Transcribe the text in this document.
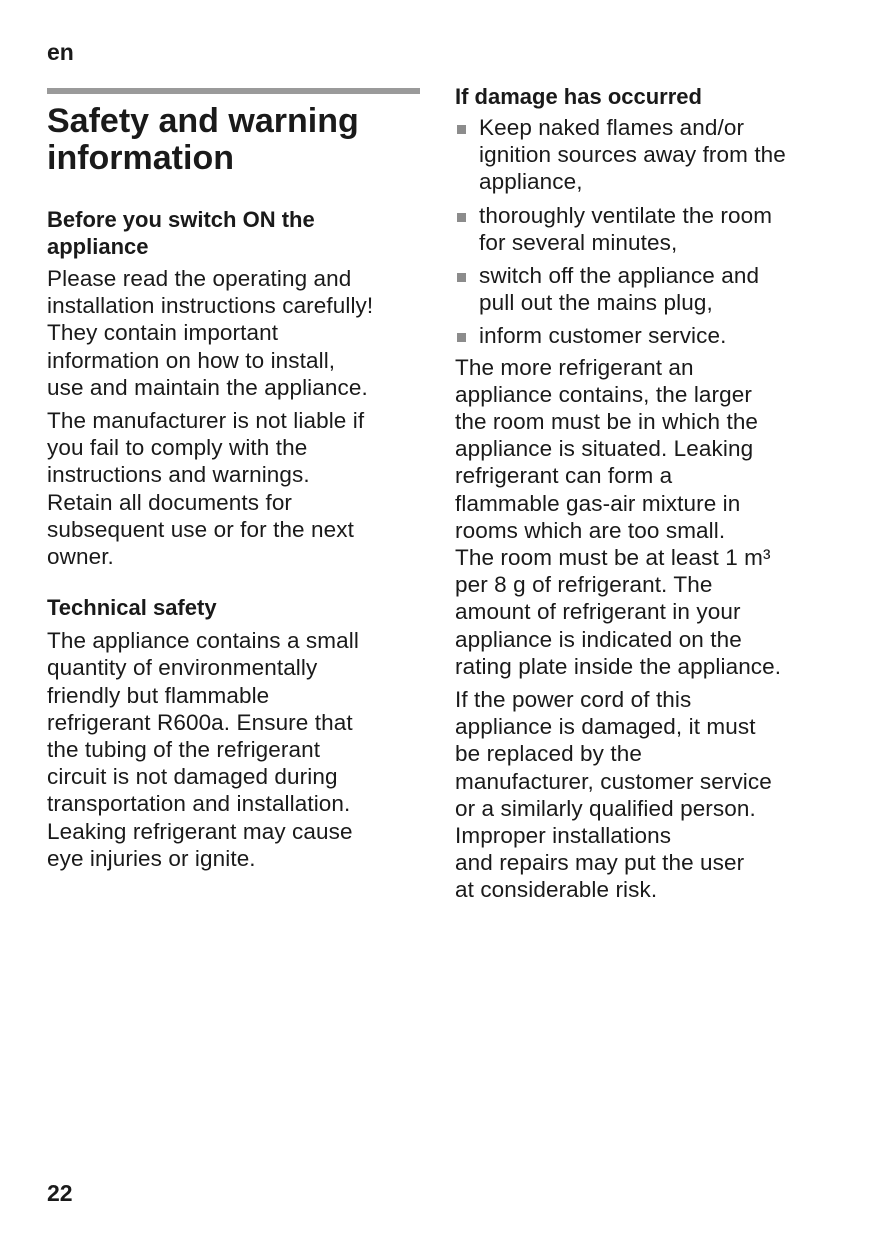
en
Safety and warning
information
Before you switch ON the
appliance

Please read the operating and
installation instructions carefully!
They contain important
information on how to install,
use and maintain the appliance.

The manufacturer is not liable if
you fail to comply with the
instructions and warnings.
Retain all documents for
subsequent use or for the next
owner.

Technical safety

The appliance contains a small
quantity of environmentally
friendly but flammable
refrigerant R600a. Ensure that
the tubing of the refrigerant
circuit is not damaged during
transportation and installation.
Leaking refrigerant may cause
eye injuries or ignite.

If damage has occurred
Keep naked flames and/or
ignition sources away from the
appliance,
thoroughly ventilate the room
for several minutes,
switch off the appliance and
pull out the mains plug,
inform customer service.

The more refrigerant an
appliance contains, the larger
the room must be in which the
appliance is situated. Leaking
refrigerant can form a
flammable gas-air mixture in
rooms which are too small.
The room must be at least 1 m³
per 8 g of refrigerant. The
amount of refrigerant in your
appliance is indicated on the
rating plate inside the appliance.

If the power cord of this
appliance is damaged, it must
be replaced by the
manufacturer, customer service
or a similarly qualified person.
Improper installations
and repairs may put the user
at considerable risk.

22
